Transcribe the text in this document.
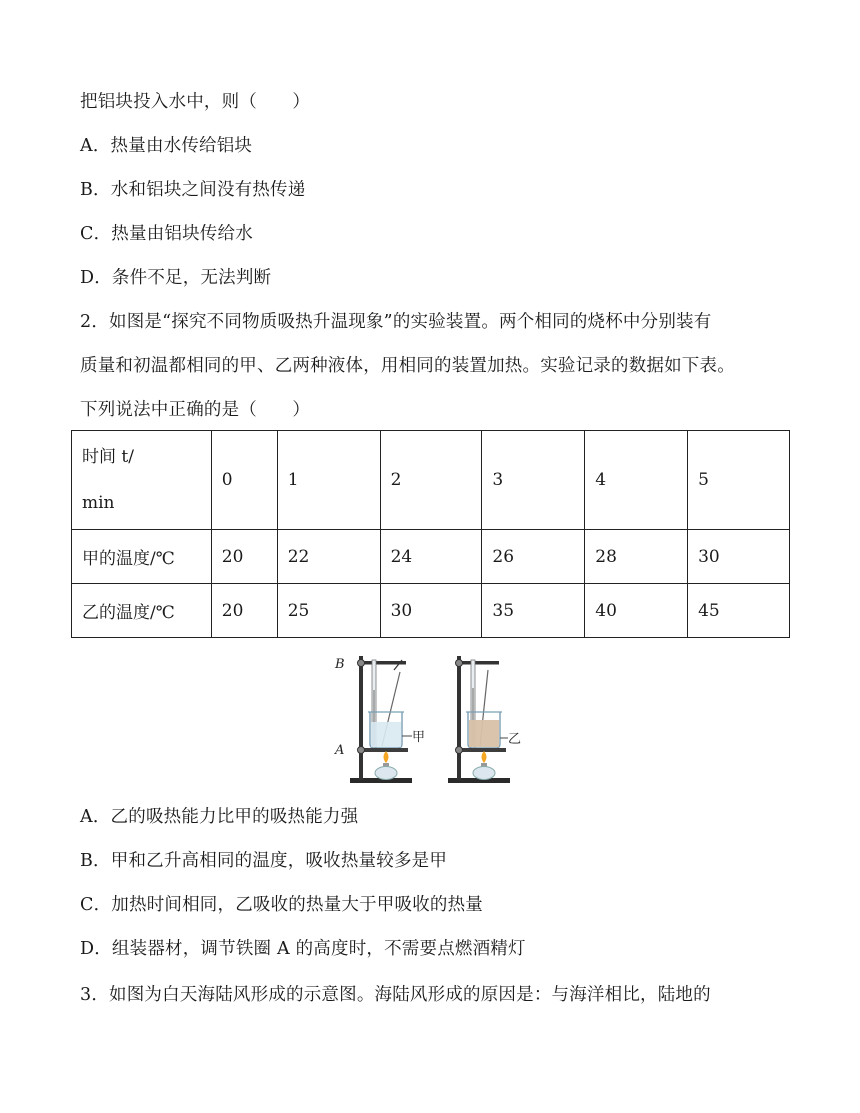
把铝块投入水中，则（　　）
A．热量由水传给铝块
B．水和铝块之间没有热传递
C．热量由铝块传给水
D．条件不足，无法判断
2．如图是“探究不同物质吸热升温现象”的实验装置。两个相同的烧杯中分别装有
质量和初温都相同的甲、乙两种液体，用相同的装置加热。实验记录的数据如下表。
下列说法中正确的是（　　）
时间 t/
min	0	1	2	3	4	5
甲的温度/℃	20	22	24	26	28	30
乙的温度/℃	20	25	30	35	40	45
B
A
甲	乙
A．乙的吸热能力比甲的吸热能力强
B．甲和乙升高相同的温度，吸收热量较多是甲
C．加热时间相同，乙吸收的热量大于甲吸收的热量
D．组装器材，调节铁圈 A 的高度时，不需要点燃酒精灯
3．如图为白天海陆风形成的示意图。海陆风形成的原因是：与海洋相比，陆地的
